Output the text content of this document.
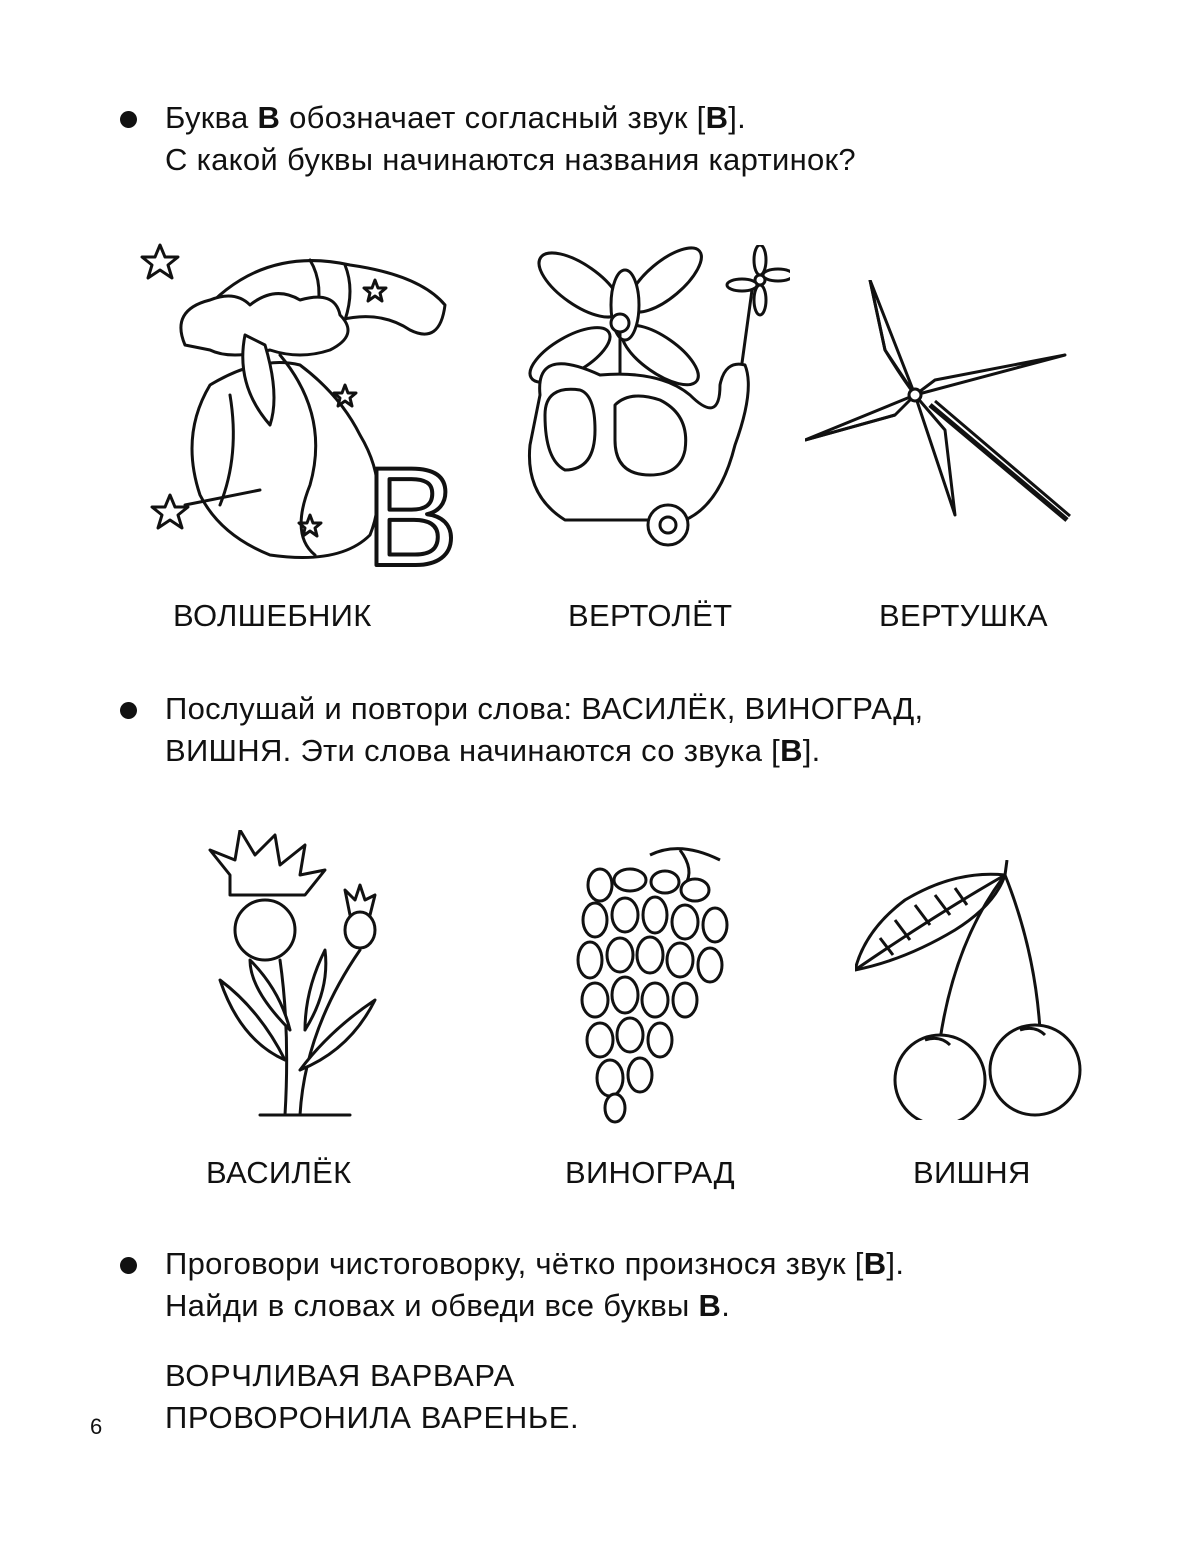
Буква В обозначает согласный звук [В].

С какой буквы начинаются названия картинок?

В
ВОЛШЕБНИК	ВЕРТОЛЁТ	ВЕРТУШКА

Послушай и повтори слова: ВАСИЛЁК, ВИНОГРАД,

ВИШНЯ. Эти слова начинаются со звука [В].

ВАСИЛЁК	ВИНОГРАД	ВИШНЯ

Проговори чистоговорку, чётко произнося звук [В].

Найди в словах и обведи все буквы В.

ВОРЧЛИВАЯ ВАРВАРА

ПРОВОРОНИЛА ВАРЕНЬЕ.

6
